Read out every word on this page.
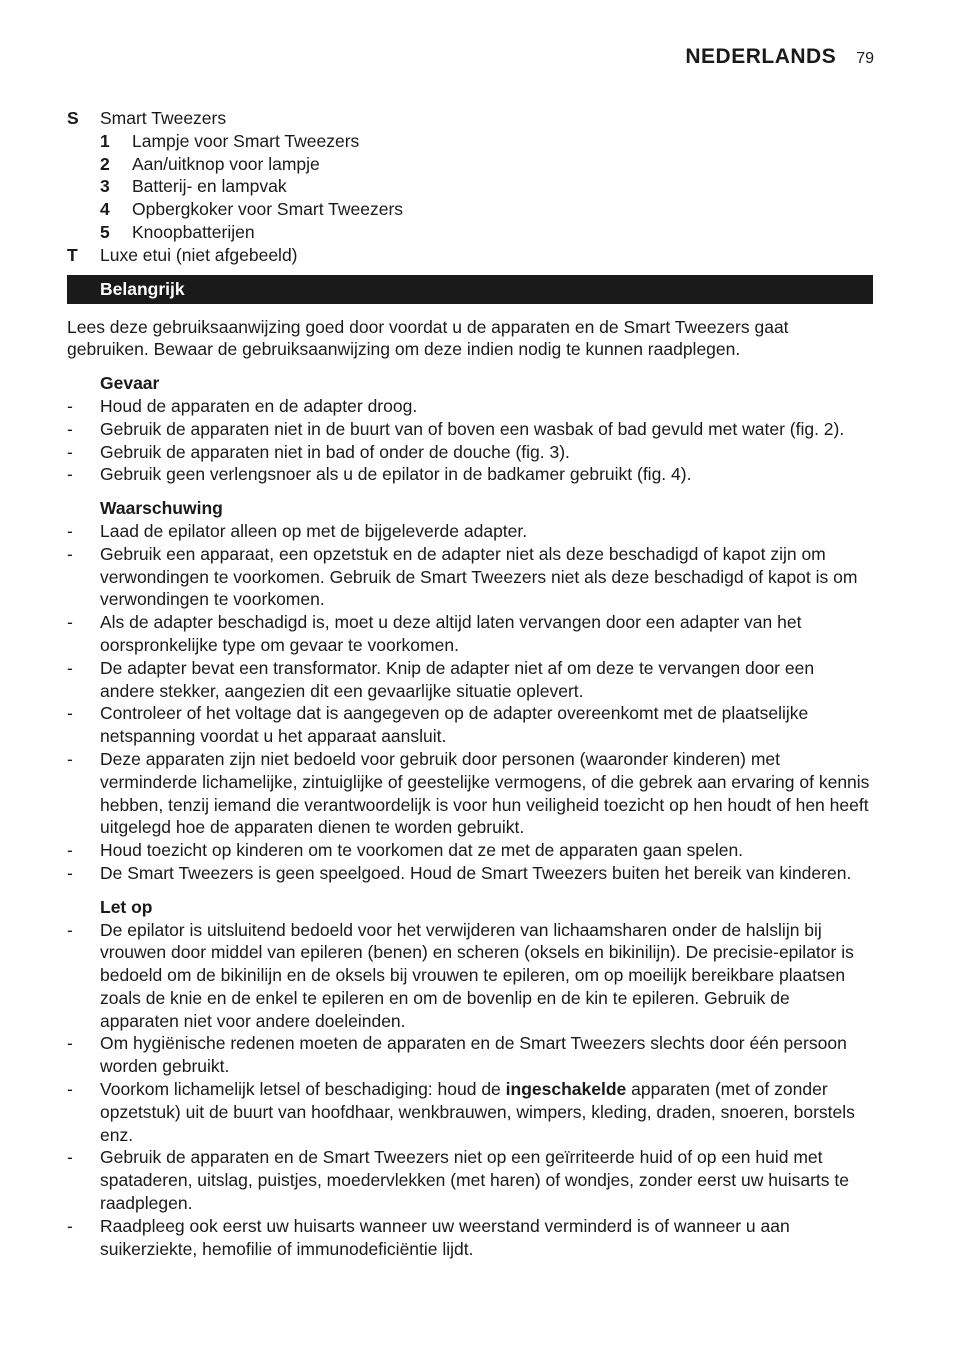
NEDERLANDS 79
S	Smart Tweezers
1	Lampje voor Smart Tweezers
2	Aan/uitknop voor lampje
3	Batterij- en lampvak
4	Opbergkoker voor Smart Tweezers
5	Knoopbatterijen
T	Luxe etui (niet afgebeeld)
Belangrijk

Lees deze gebruiksaanwijzing goed door voordat u de apparaten en de Smart Tweezers gaat gebruiken. Bewaar de gebruiksaanwijzing om deze indien nodig te kunnen raadplegen.

Gevaar
-	Houd de apparaten en de adapter droog.
-	Gebruik de apparaten niet in de buurt van of boven een wasbak of bad gevuld met water (fig. 2).
-	Gebruik de apparaten niet in bad of onder de douche (fig. 3).
-	Gebruik geen verlengsnoer als u de epilator in de badkamer gebruikt (fig. 4).
Waarschuwing
-	Laad de epilator alleen op met de bijgeleverde adapter.
-	Gebruik een apparaat, een opzetstuk en de adapter niet als deze beschadigd of kapot zijn om verwondingen te voorkomen. Gebruik de Smart Tweezers niet als deze beschadigd of kapot is om verwondingen te voorkomen.
-	Als de adapter beschadigd is, moet u deze altijd laten vervangen door een adapter van het oorspronkelijke type om gevaar te voorkomen.
-	De adapter bevat een transformator. Knip de adapter niet af om deze te vervangen door een andere stekker, aangezien dit een gevaarlijke situatie oplevert.
-	Controleer of het voltage dat is aangegeven op de adapter overeenkomt met de plaatselijke netspanning voordat u het apparaat aansluit.
-	Deze apparaten zijn niet bedoeld voor gebruik door personen (waaronder kinderen) met verminderde lichamelijke, zintuiglijke of geestelijke vermogens, of die gebrek aan ervaring of kennis hebben, tenzij iemand die verantwoordelijk is voor hun veiligheid toezicht op hen houdt of hen heeft uitgelegd hoe de apparaten dienen te worden gebruikt.
-	Houd toezicht op kinderen om te voorkomen dat ze met de apparaten gaan spelen.
-	De Smart Tweezers is geen speelgoed. Houd de Smart Tweezers buiten het bereik van kinderen.
Let op
-	De epilator is uitsluitend bedoeld voor het verwijderen van lichaamsharen onder de halslijn bij vrouwen door middel van epileren (benen) en scheren (oksels en bikinilijn). De precisie-epilator is bedoeld om de bikinilijn en de oksels bij vrouwen te epileren, om op moeilijk bereikbare plaatsen zoals de knie en de enkel te epileren en om de bovenlip en de kin te epileren. Gebruik de apparaten niet voor andere doeleinden.
-	Om hygiënische redenen moeten de apparaten en de Smart Tweezers slechts door één persoon worden gebruikt.
-	Voorkom lichamelijk letsel of beschadiging: houd de ingeschakelde apparaten (met of zonder opzetstuk) uit de buurt van hoofdhaar, wenkbrauwen, wimpers, kleding, draden, snoeren, borstels enz.
-	Gebruik de apparaten en de Smart Tweezers niet op een geïrriteerde huid of op een huid met spataderen, uitslag, puistjes, moedervlekken (met haren) of wondjes, zonder eerst uw huisarts te raadplegen.
-	Raadpleeg ook eerst uw huisarts wanneer uw weerstand verminderd is of wanneer u aan suikerziekte, hemofilie of immunodeficiëntie lijdt.
